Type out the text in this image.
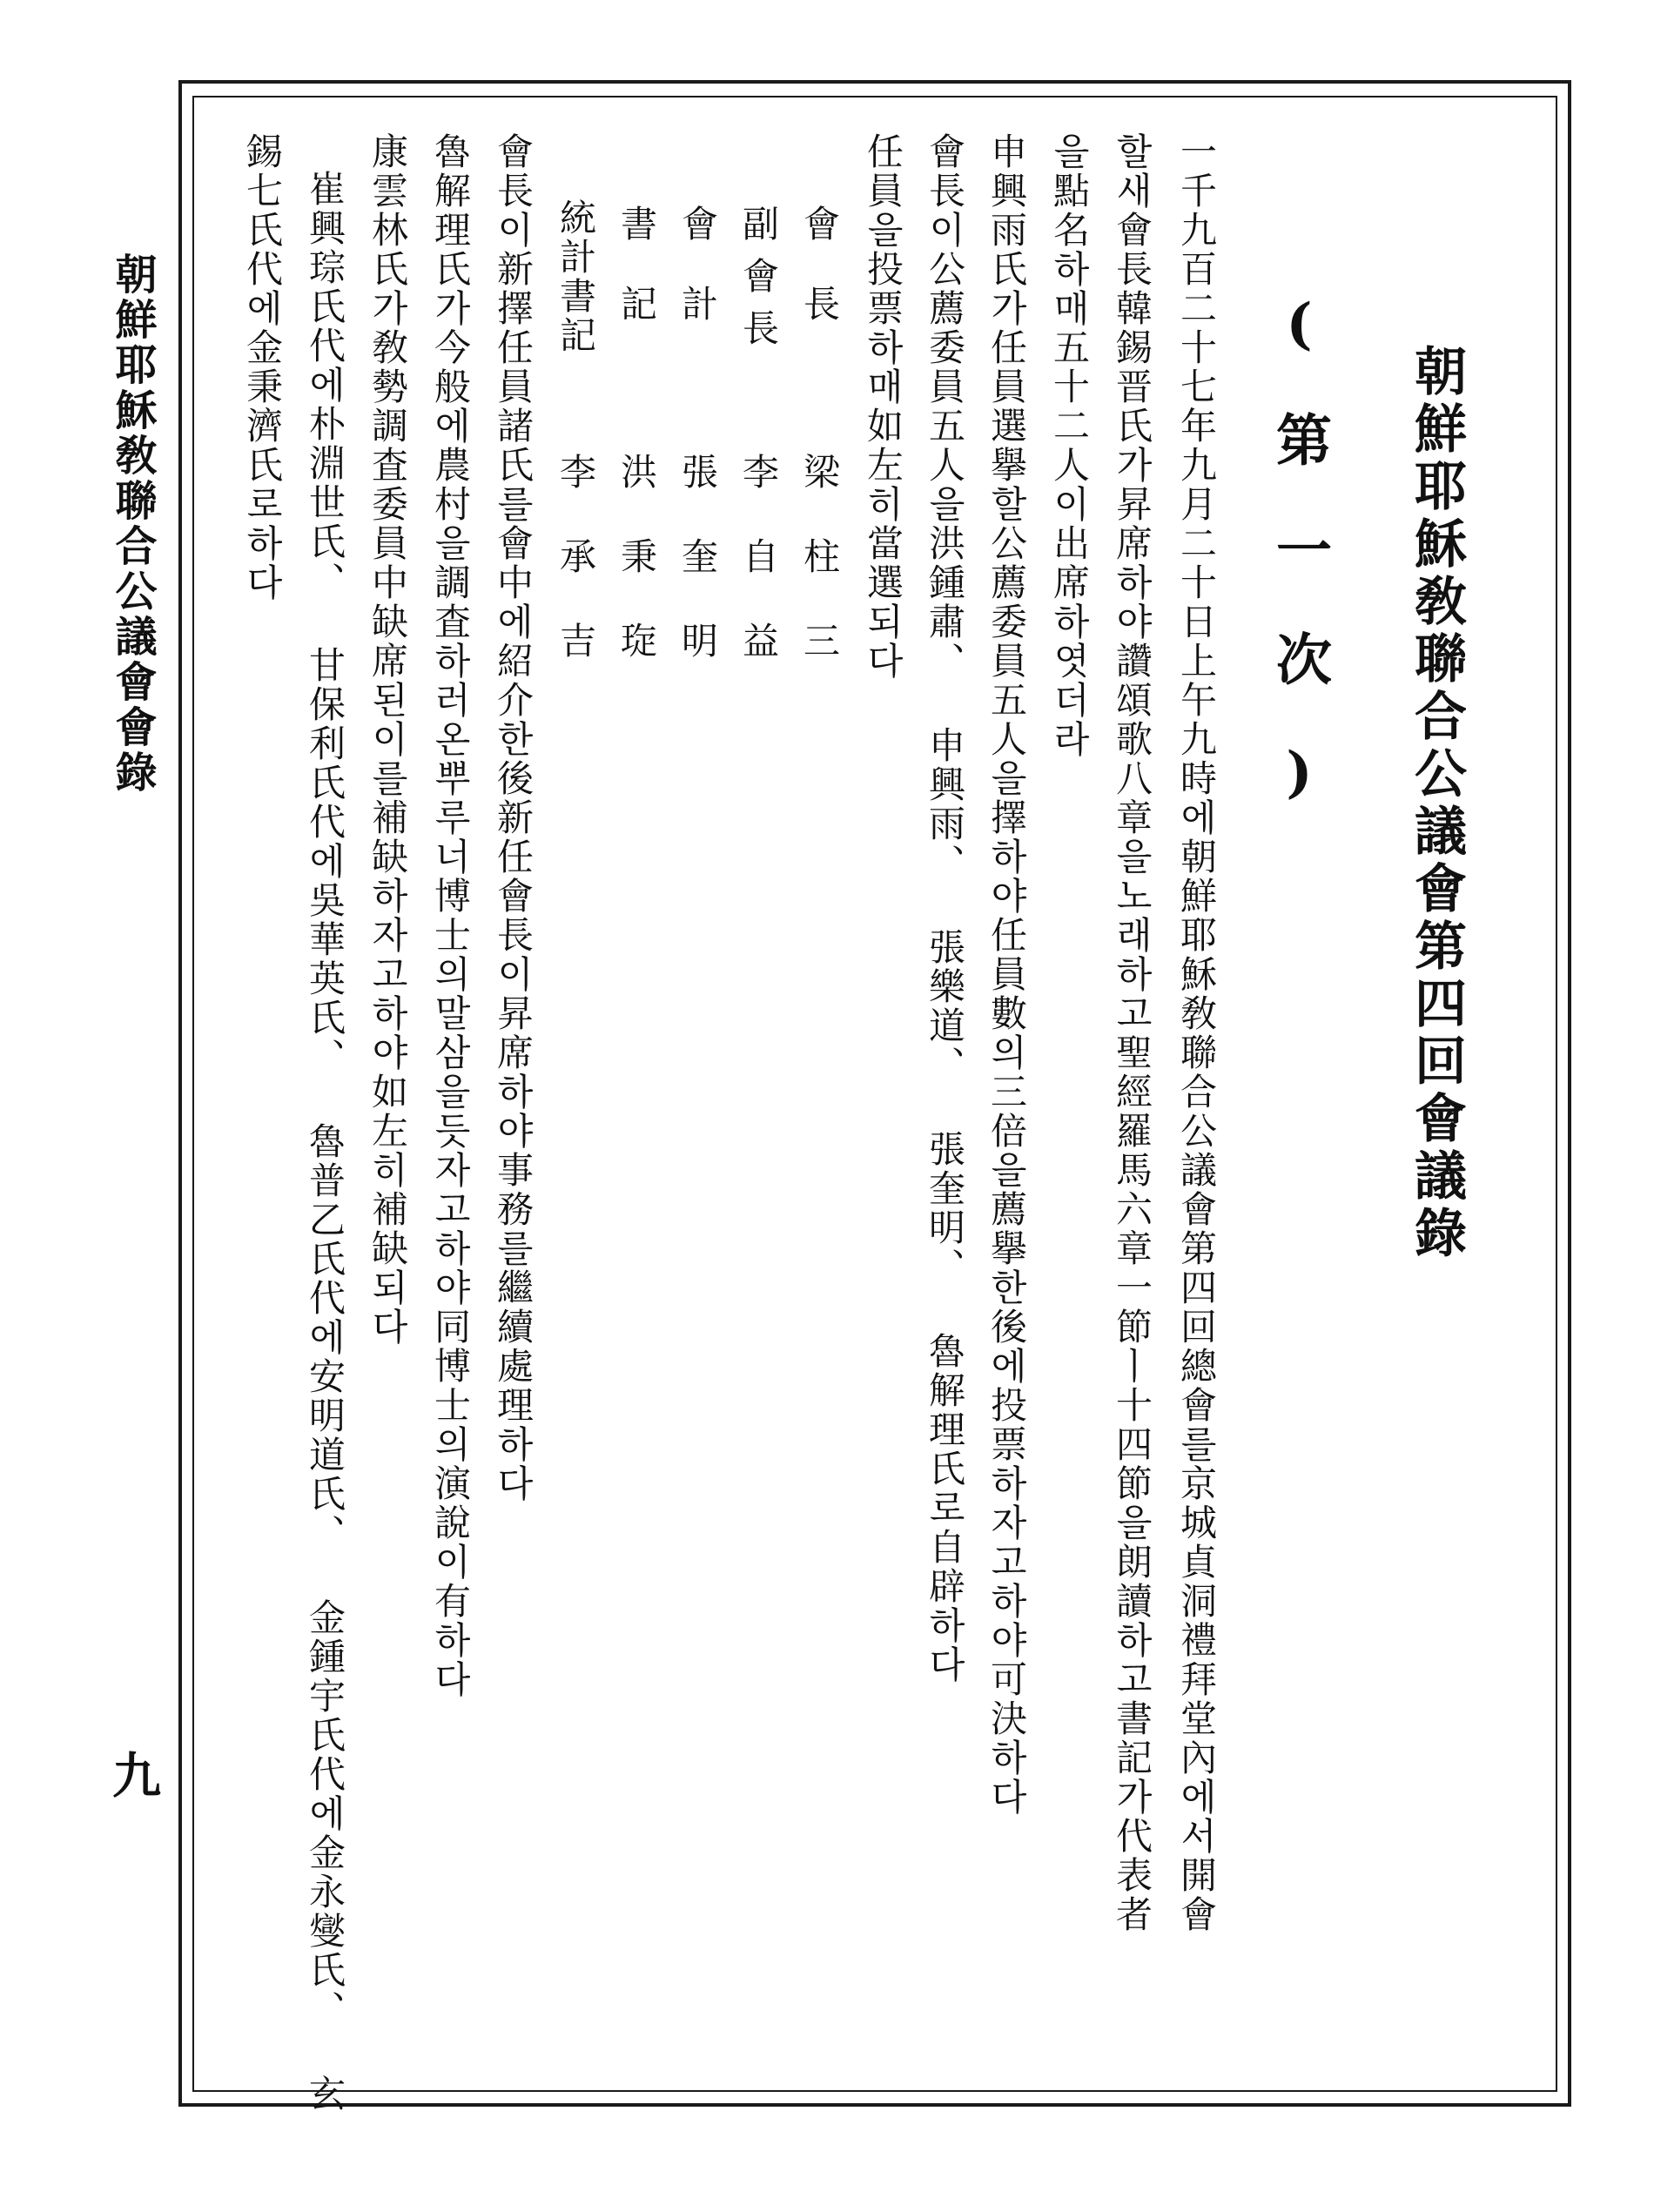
朝鮮耶穌敎聯合公議會第四回會議錄
(第一次)
一千九百二十七年九月二十日上午九時에朝鮮耶穌敎聯合公議會第四回總會를京城貞洞禮拜堂內에서開會
할새會長韓錫晋氏가昇席하야讚頌歌八章을노래하고聖經羅馬六章一節ㅣ十四節을朗讀하고書記가代表者
을點名하매五十二人이出席하엿더라
申興雨氏가任員選擧할公薦委員五人을擇하야任員數의三倍을薦擧한後에投票하자고하야可決하다
會長이公薦委員五人을洪鍾肅、 申興雨、 張樂道、 張奎明、 魯解理氏로自辟하다
任員을投票하매如左히當選되다
會長
梁柱三
副會長
李自益
會計
張奎明
書記
洪秉琁
統計書記
李承吉
會長이新擇任員諸氏를會中에紹介한後新任會長이昇席하야事務를繼續處理하다
魯解理氏가今般에農村을調査하러온뿌루너博士의말삼을듯자고하야同博士의演說이有하다
康雲林氏가敎勢調査委員中缺席된이를補缺하자고하야如左히補缺되다
崔興琮氏代에朴淵世氏、 甘保利氏代에吳華英氏、 魯普乙氏代에安明道氏、 金鍾宇氏代에金永燮氏、 玄
錫七氏代에金秉濟氏로하다
朝鮮耶穌敎聯合公議會會錄
九
